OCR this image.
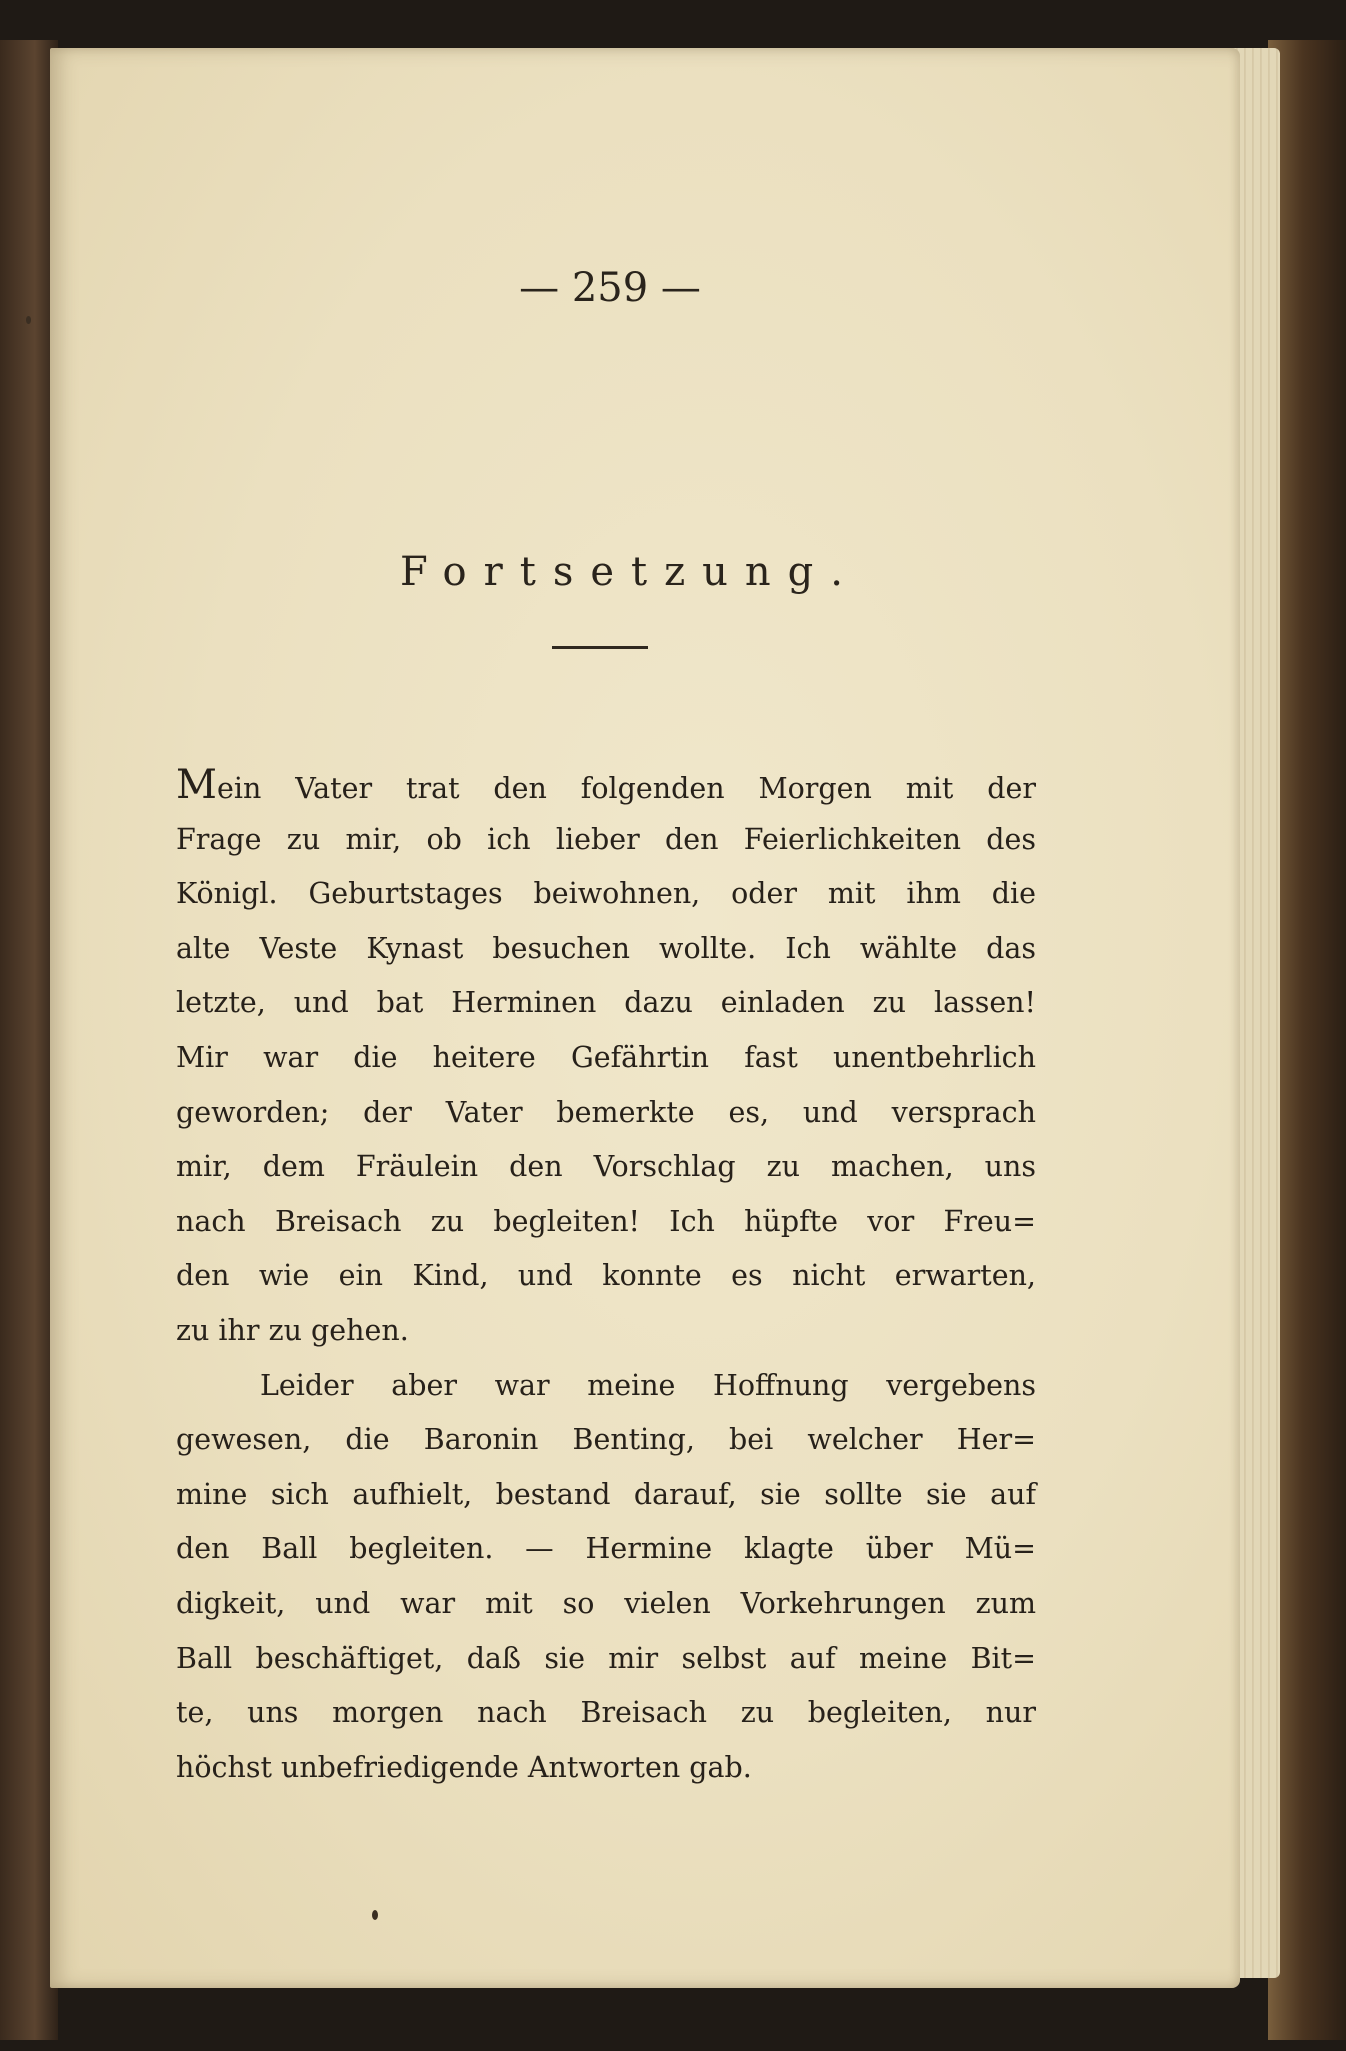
— 259 —
Fortsetzung.
Mein Vater trat den folgenden Morgen mit der
Frage zu mir, ob ich lieber den Feierlichkeiten des
Königl. Geburtstages beiwohnen, oder mit ihm die
alte Veste Kynast besuchen wollte. Ich wählte das
letzte, und bat Herminen dazu einladen zu lassen!
Mir war die heitere Gefährtin fast unentbehrlich
geworden; der Vater bemerkte es, und versprach
mir, dem Fräulein den Vorschlag zu machen, uns
nach Breisach zu begleiten! Ich hüpfte vor Freu=
den wie ein Kind, und konnte es nicht erwarten,
zu ihr zu gehen.
Leider aber war meine Hoffnung vergebens
gewesen, die Baronin Benting, bei welcher Her=
mine sich aufhielt, bestand darauf, sie sollte sie auf
den Ball begleiten. — Hermine klagte über Mü=
digkeit, und war mit so vielen Vorkehrungen zum
Ball beschäftiget, daß sie mir selbst auf meine Bit=
te, uns morgen nach Breisach zu begleiten, nur
höchst unbefriedigende Antworten gab.
